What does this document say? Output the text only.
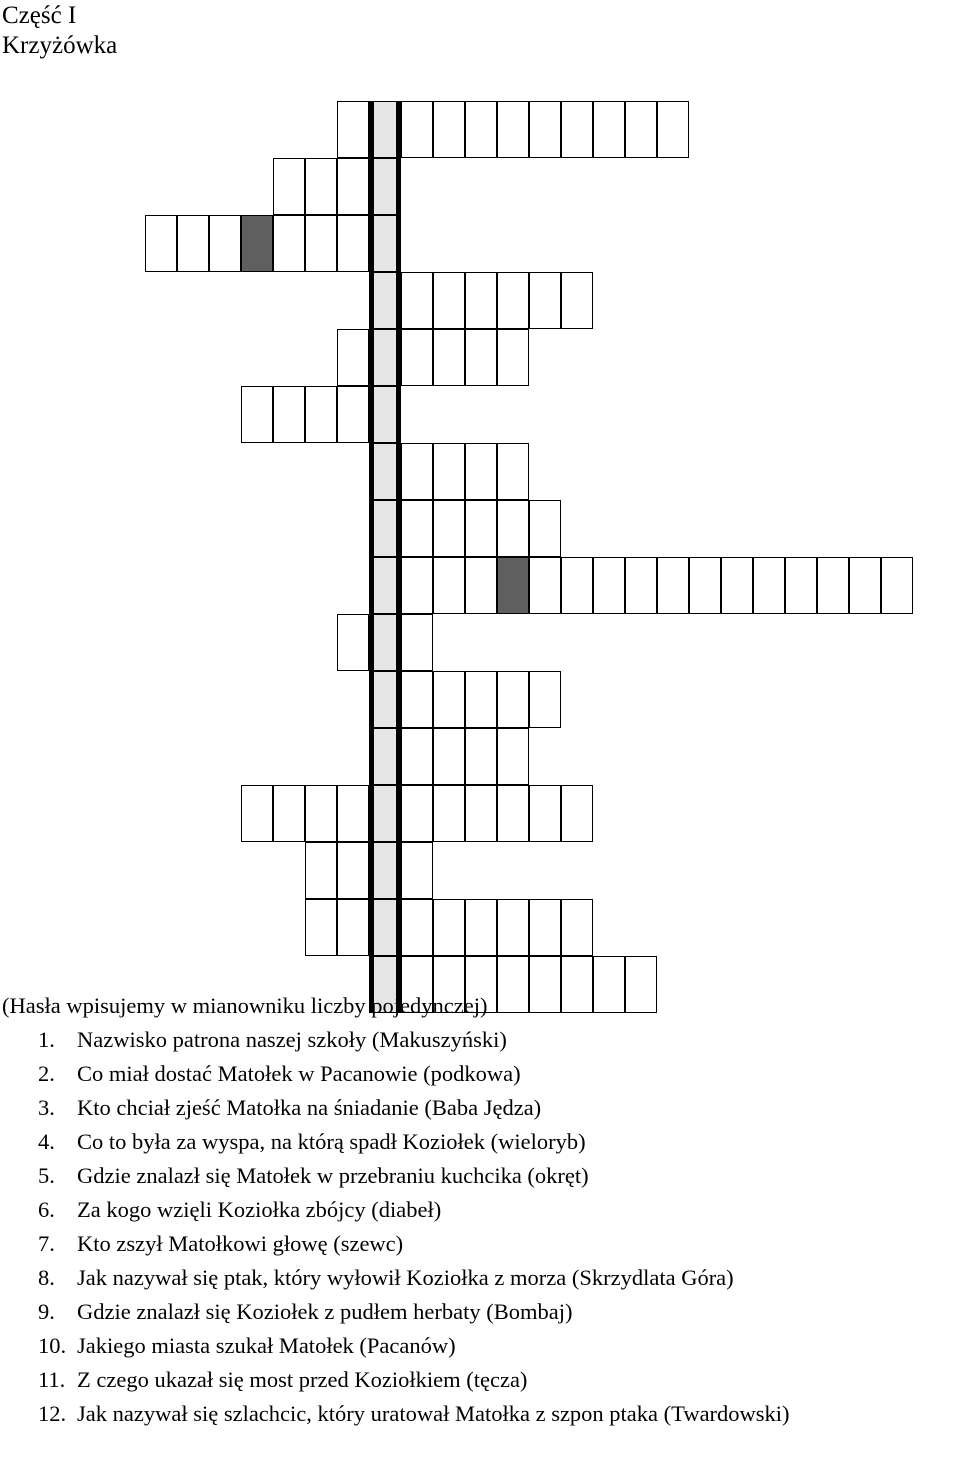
Część I
Krzyżówka
(Hasła wpisujemy w mianowniku liczby pojedynczej)
1. Nazwisko patrona naszej szkoły (Makuszyński)
2. Co miał dostać Matołek w Pacanowie (podkowa)
3. Kto chciał zjeść Matołka na śniadanie (Baba Jędza)
4. Co to była za wyspa, na którą spadł Koziołek (wieloryb)
5. Gdzie znalazł się Matołek w przebraniu kuchcika (okręt)
6. Za kogo wzięli Koziołka zbójcy (diabeł)
7. Kto zszył Matołkowi głowę (szewc)
8. Jak nazywał się ptak, który wyłowił Koziołka z morza (Skrzydlata Góra)
9. Gdzie znalazł się Koziołek z pudłem herbaty (Bombaj)
10. Jakiego miasta szukał Matołek (Pacanów)
11. Z czego ukazał się most przed Koziołkiem (tęcza)
12. Jak nazywał się szlachcic, który uratował Matołka z szpon ptaka (Twardowski)
